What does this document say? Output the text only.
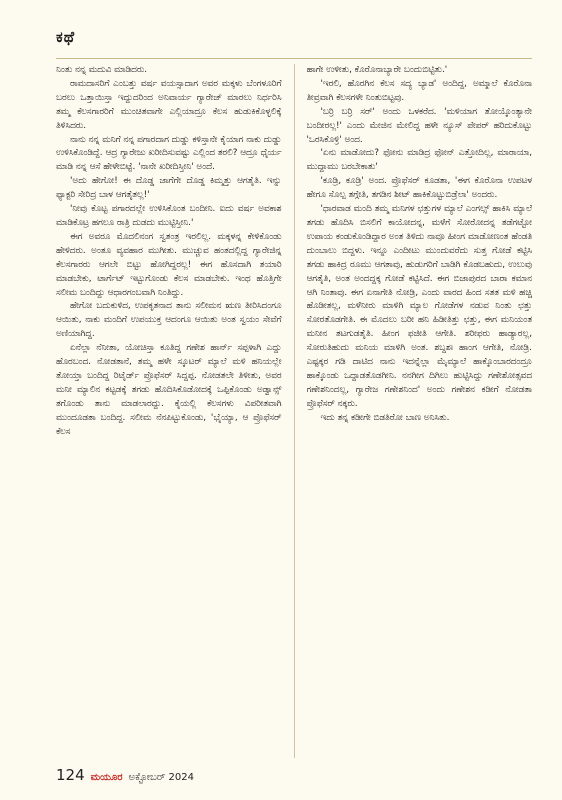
ಕಥೆ

ನಿಂತು ನನ್ನ ಮದುವಿ ಮಾಡಿದರು.

ರಾಮದಾಸರಿಗೆ ಎಂಬತ್ತು ವರ್ಷ ವಯಸ್ಸಾದಾಗ ಅವರ ಮಕ್ಕಳು ಬೆಂಗಳೂರಿಗೆ ಬರಲು ಒತ್ತಾಯಿಸ್ತಾ ಇದ್ದುದರಿಂದ ಅನಿವಾರ್ಯ ಗ್ಯಾರೇಜ್ ಮಾರಲು ನಿರ್ಧರಿಸಿ ತಮ್ಮ ಕೆಲಸಗಾರರಿಗೆ ಮುಂಚಿತವಾಗೇ ಎಲ್ಲಿಯಾದ್ರೂ ಕೆಲಸ ಹುಡುಕಿಕೊಳ್ಳಲಿಕ್ಕೆ ತಿಳಿಸಿದರು.

ನಾನು ನನ್ನ ಮನಿಗೆ ನನ್ನ ಪಗಾರದಾಗ ದುಡ್ಡು ಕಳಿಸ್ತಾನೇ ಕೈಯಾಗ ನಾಕು ದುಡ್ಡು ಉಳಿಸಿಕೊಂಡಿದ್ದೆ. ಆದ್ರ ಗ್ಯಾರೇಜು ಖರೀದಿಸುವಷ್ಟು ಎಲ್ಲಿಂದ ತರಲಿ? ಆದ್ರೂ ಧೈರ್ಯ ಮಾಡಿ ನನ್ನ ಆಸೆ ಹೇಳೇಬಿಟ್ಟೆ. 'ನಾನೇ ಖರೀದಿಸ್ತೀನಿ' ಅಂದೆ.

'ಅದು ಹೇಗೋ! ಈ ದೊಡ್ಡ ಜಾಗೆಗೇ ದೊಡ್ಡ ಕಿಮ್ಮತ್ತು ಆಗತೈತಿ. ಇನ್ನು ಫ್ಯಾಕ್ಟರಿ ಸೇರಿದ್ರ ಬಾಳ ಆಗತೈತಲ್ಲ!'

'ನೀವು ಕೊಟ್ಟ ಪಗಾರದಲ್ಲೇ ಉಳಿಸಿಕೊಂತ ಬಂದೀನಿ. ಐದು ವರ್ಷ ಅವಕಾಶ ಮಾಡಿಕೊಟ್ರ ಹಗಲೂ ರಾತ್ರಿ ದುಡದು ಮುಟ್ಟಿಸ್ತೀನಿ.'

ಈಗ ಅವರೂ ಮೊದಲಿನಂಗ ಸ್ವತಂತ್ರ ಇರಲಿಲ್ಲ. ಮಕ್ಕಳನ್ನ ಕೇಳಿಕೊಂಡು ಹೇಳಿದರು. ಅಂತೂ ವ್ಯವಹಾರ ಮುಗೀತು. ಮುಚ್ಚುವ ಹಂತದಲ್ಲಿದ್ದ ಗ್ಯಾರೇಜಿನ್ನ ಕೆಲಸಗಾರರು ಆಗಲೇ ಬಿಟ್ಟು ಹೋಗಿದ್ದರಲ್ಲ! ಈಗ ಹೊಸದಾಗಿ ತಯಾರಿ ಮಾಡಬೇಕು, ಟಾರ್ಗೆಟ್ ಇಟ್ಟುಗೊಂಡು ಕೆಲಸ ಮಾಡಬೇಕು. ಇಂಥ ಹೊತ್ತಿಗೇ ಸಲೀಮ ಬಂದಿದ್ದು ಆಧಾರಗಂಬವಾಗಿ ನಿಂತಿದ್ದು.

ಹೇಗೋ ಬದುಕುಳಿದ, ಉಪಕೃತನಾದ ತಾನು ಸಲೀಮನ ಋಣ ತೀರಿಸಿದಂಗೂ ಆಯಿತು, ನಾಕು ಮಂದಿಗೆ ಉಪಯುಕ್ತ ಆದಂಗೂ ಆಯಿತು ಅಂತ ಸ್ವಯಂ ಸೇವೆಗೆ ಅಣಿಯಾಗಿದ್ದ.

ಏನೆಲ್ಲಾ ನೆನೀತಾ, ಯೋಚಿಸ್ತಾ ಕೂತಿದ್ದ ಗಣೇಶ ಹಾರ್ನ್ ಸಪ್ಪಳಾಗಿ ಎದ್ದು ಹೊರಬಂದ. ನೋಡತಾನೆ, ತಮ್ಮ ಹಳೇ ಸ್ಕೂಟರ್ ಮ್ಯಾಲೆ ಮಳಿ ಹನಿಯಲ್ಲೇ ತೋಯ್ತಾ ಬಂದಿದ್ದ ರಿಟೈರ್ಡ್ ಪ್ರೊಫೆಸರ್ ಸಿದ್ದಪ್ಪ. ನೋಡತಲೇ ತಿಳೀತು, ಅವರ ಮನೀ ಮ್ಯಾಲಿನ ಕಟ್ಟಡಕ್ಕೆ ತಗಡು ಹೊದಿಸಿಕೊಡೋದಕ್ಕೆ ಒಪ್ಪಿಕೊಂಡು ಅಡ್ವಾನ್ಸ್ ತಗೊಂಡು ತಾನು ಮಾಡಲಾರದ್ದು. ಕೈಯಲ್ಲಿ ಕೆಲಸಗಳು ವಿಪರೀತವಾಗಿ ಮುಂದೂಡತಾ ಬಂದಿದ್ದ. ಸಲೀಮ ನೆನಪಿಟ್ಟುಕೊಂಡು, 'ಭೈಯ್ಯಾ, ಆ ಪ್ರೊಫೆಸರ್ ಕೆಲಸ

ಹಾಗೇ ಉಳೀತು, ಕೊರೊನಾಬ್ಯಾರೇ ಬಂದುಬಿಟ್ಟಿತು.'

'ಇರಲಿ, ಹೊರಗಿನ ಕೆಲಸ ಸದ್ಯ ಬ್ಯಾಡ' ಅಂದಿದ್ದ, ಅಮ್ಮಾಲೆ ಕೊರೊನಾ ತೀವ್ರವಾಗಿ ಕೆಲಸಗಳೇ ನಿಂತುಬಿಟ್ಟವು.

'ಬರ್ರಿ ಬರ್ರಿ ಸರ್' ಅಂದು ಒಳಕರೆದ. 'ಮಳಿಯಾಗ ತೋಯ್ಕೊಂತ್ಯಾನೇ ಬಂದೀರಲ್ಲ!' ಎಂದು ಮೇಜಿನ ಮೇಲಿದ್ದ ಹಳೇ ನ್ಯೂಸ್ ಪೇಪರ್ ಹರಿದುಕೊಟ್ಟು 'ಒರಸಿಕೊಳ್ರಿ' ಅಂದ.

'ಏನು ಮಾಡೋದು? ಫೋನು ಮಾಡಿದ್ರ ಫೋನ್ ಎತ್ತೋದಿಲ್ಲ, ಮಾರಾಯಾ, ಮುದ್ದಾಮು ಬರಬೇಕಾತು'

'ಕೂಡ್ರಿ, ಕೂಡ್ರಿ' ಅಂದ. ಪ್ರೊಫೆಸರ್ ಕೂಡತಾ, 'ಈಗ ಕೊರೊನಾ ಉಪಟಳ ಹೇಗೂ ಸೊಲ್ಪ ತಗ್ಗೇತಿ, ತಗಡಿನ ಶೀಟ್ ಹಾಕಿಕೊಟ್ಟುಬಿಡ್ರೆಲಾ' ಅಂದರು.

'ಧಾರವಾಡ ಮಂದಿ ತಮ್ಮ ಮನಿಗಳ ಛತ್ತುಗಳ ಮ್ಯಾಲೆ ಎಂಗಲ್ಸ್ ಹಾಕಿಸಿ ಮ್ಯಾಲೆ ತಗಡು ಹೊದಿಸಿ ಬಿಸಲಿಗೆ ಕಾಯೋದನ್ನ, ಮಳೆಗೆ ಸೋರೋದನ್ನ ತಡೆಗಟ್ಟೋ ಉಪಾಯ ಕಂಡುಕೊಂಡಿದ್ದಾರ ಅಂತ ತಿಳಿದು ನಾವೂ ಹೀಂಗ ಮಾಡೋಣಂತ ಹೆಂಡತಿ ದುಂಬಾಲು ಬಿದ್ದಳು. ಇನ್ನೂ ಎಂದೀಟು ಮುಂದುವರೆದು ಸುತ್ತ ಗೋಡೆ ಕಟ್ಟಿಸಿ ತಗಡು ಹಾಕಿದ್ರ ರೂಮು ಆಗತಾವು, ಹುಡುಗರಿಗೆ ಬಾಡಿಗಿ ಕೊಡಬಹುದು, ಉಲುವು ಆಗತೈತಿ, ಅಂತ ಅಂದದ್ದಕ್ಕ ಗೋಡೆ ಕಟ್ಟಿಸಿದೆ. ಈಗ ಬಿಜಾಪುರದ ಬಾರಾ ಕಮಾನ ಆಗಿ ನಿಂತಾವು. ಈಗ ಏನಾಗೇತಿ ನೋಡ್ರಿ, ಎಂದು ವಾರದ ಹಿಂದ ಸತತ ಮಳಿ ಹಚ್ಚಿ ಹೊಡೀತಲ್ಲ, ಮಳೆನೀರು ಮಾಳಿಗಿ ಮ್ಯಾಲ ಗೋಡೆಗಳ ನಡುವ ನಿಂತು ಛತ್ತು ಸೋರತೊಡಗೇತಿ. ಈ ಮೊದಲು ಬರೀ ಹನಿ ಹಿಡೀತಿತ್ತು ಛತ್ತು, ಈಗ ಮನಿಯಂತ ಮನೀನ ತಟಗುಡತೈತಿ. ಹೀಂಗ ಫಜೀತಿ ಆಗೇತಿ. ಶರೀಫರು ಹಾಡ್ಯಾರಲ್ಲ, ಸೋರುತಿಹುದು ಮನಿಯ ಮಾಳಿಗಿ ಅಂತ. ಶಬ್ದಶಃ ಹಾಂಗ ಆಗೇತಿ, ನೋಡ್ರಿ. ಎಷ್ಟಕ್ಕರ ಗಡಿ ದಾಟಿದ ನಾನು ಇದನ್ನೆಲ್ಲಾ ಮೈಮ್ಯಾಲೆ ಹಾಕ್ಕೊಂಬಾರದಂದ್ರೂ ಹಾಕ್ಕೊಂಡು ಒದ್ದಾಡತೊಡಗೀನಿ. ನನಗೀಗ ದಿಗಿಲು ಹುಟ್ಟಿಸಿದ್ದು ಗಣೇಶೋತ್ಸವದ ಗಣೇಶನಿಂದಲ್ಲ, ಗ್ಯಾರೇಜ ಗಣೇಶನಿಂದ' ಅಂದು ಗಣೇಶನ ಕಡೀಗೆ ನೋಡತಾ ಪ್ರೊಫೆಸರ್ ನಕ್ಕರು.

ಇದು ತನ್ನ ಕಡೀಗೇ ಬಿಡತಿರೋ ಬಾಣ ಅನಿಸಿತು.

124 ಮಯೂರ ಅಕ್ಟೋಬರ್ 2024
